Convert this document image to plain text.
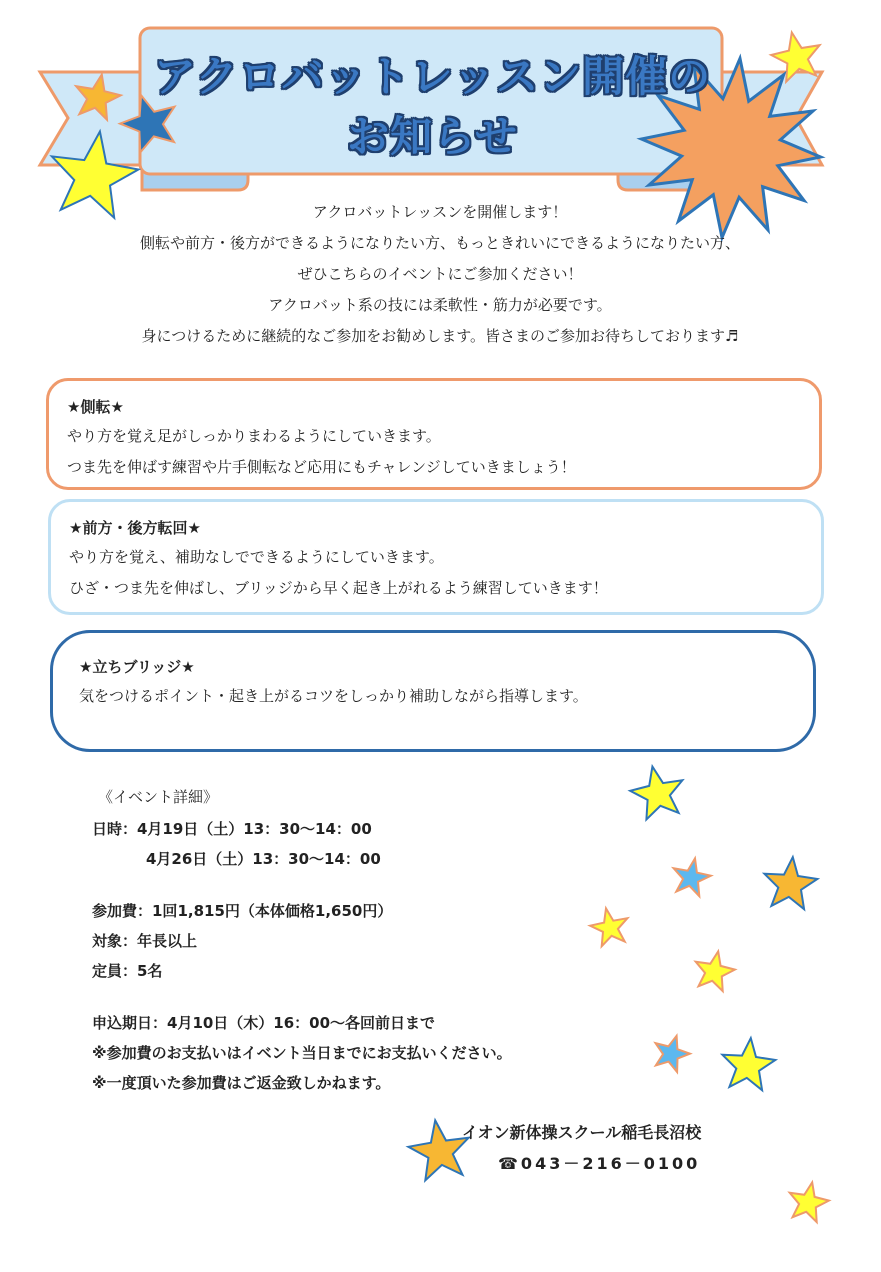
アクロバットレッスン開催の
お知らせ
アクロバットレッスンを開催します！
側転や前方・後方ができるようになりたい方、もっときれいにできるようになりたい方、
ぜひこちらのイベントにご参加ください！
アクロバット系の技には柔軟性・筋力が必要です。
身につけるために継続的なご参加をお勧めします。皆さまのご参加お待ちしております♬
★側転★
やり方を覚え足がしっかりまわるようにしていきます。
つま先を伸ばす練習や片手側転など応用にもチャレンジしていきましょう！
★前方・後方転回★
やり方を覚え、補助なしでできるようにしていきます。
ひざ・つま先を伸ばし、ブリッジから早く起き上がれるよう練習していきます！
★立ちブリッジ★
気をつけるポイント・起き上がるコツをしっかり補助しながら指導します。
《イベント詳細》
日時：4月19日（土）13：30～14：00
4月26日（土）13：30～14：00
参加費：1回1,815円（本体価格1,650円）
対象：年長以上
定員：5名
申込期日：4月10日（木）16：00～各回前日まで
※参加費のお支払いはイベント当日までにお支払いください。
※一度頂いた参加費はご返金致しかねます。
イオン新体操スクール稲毛長沼校
☎043－216－0100
